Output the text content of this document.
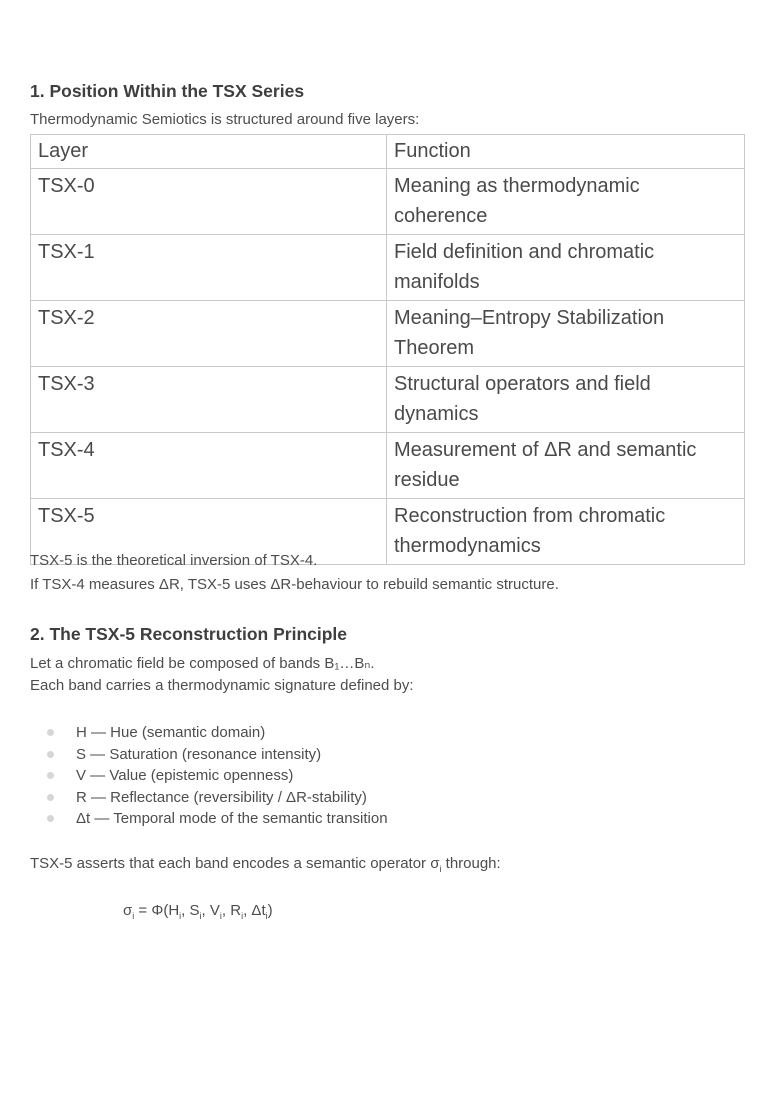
1. Position Within the TSX Series
Thermodynamic Semiotics is structured around five layers:
Layer	Function
TSX-0	Meaning as thermodynamic coherence
TSX-1	Field definition and chromatic manifolds
TSX-2	Meaning–Entropy Stabilization Theorem
TSX-3	Structural operators and field dynamics
TSX-4	Measurement of ΔR and semantic residue
TSX-5	Reconstruction from chromatic thermodynamics
TSX-5 is the theoretical inversion of TSX-4.
If TSX-4 measures ΔR, TSX-5 uses ΔR-behaviour to rebuild semantic structure.
2. The TSX-5 Reconstruction Principle
Let a chromatic field be composed of bands B₁…Bₙ.
Each band carries a thermodynamic signature defined by:
H — Hue (semantic domain)
S — Saturation (resonance intensity)
V — Value (epistemic openness)
R — Reflectance (reversibility / ΔR-stability)
Δt — Temporal mode of the semantic transition
TSX-5 asserts that each band encodes a semantic operator $\sigma_i$ through:
$\sigma_i = \Phi(H_i$, $S_i$, $V_i$, $R_i$, $\Delta t_i$)
